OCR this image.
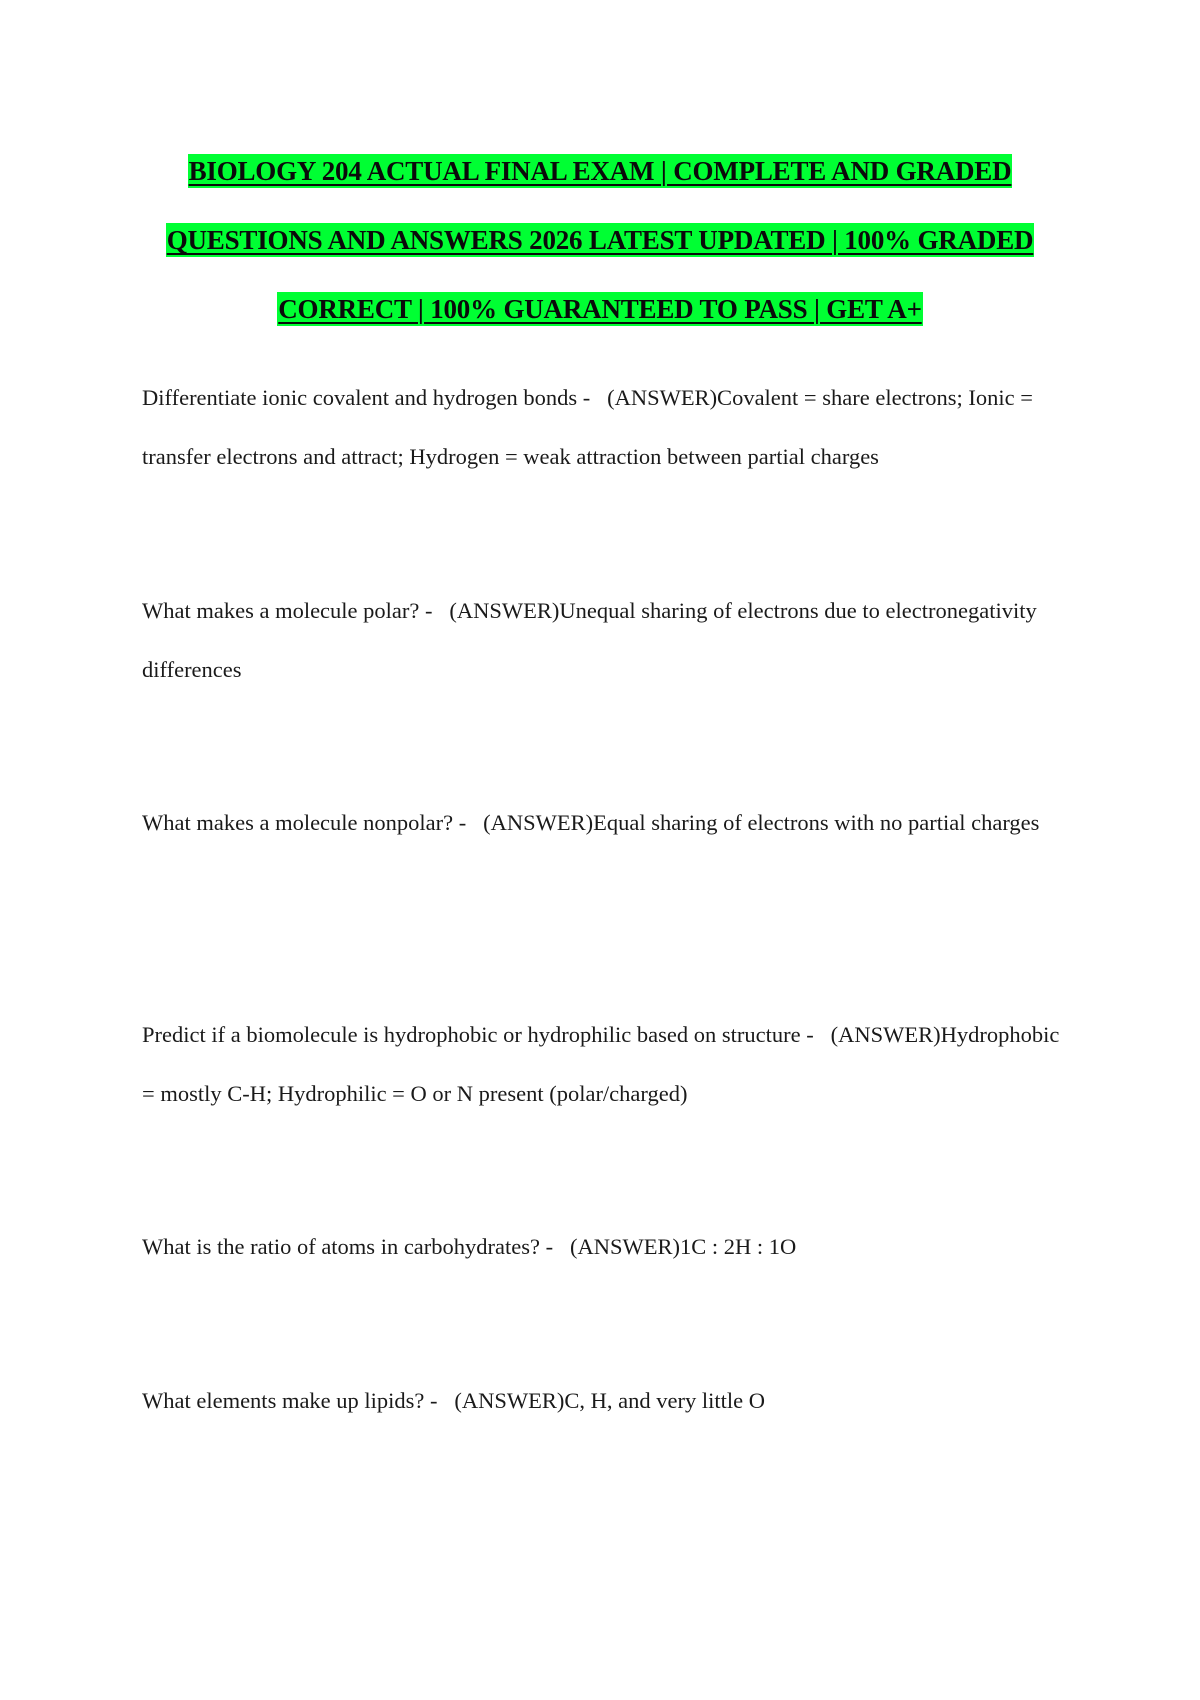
BIOLOGY 204 ACTUAL FINAL EXAM | COMPLETE AND GRADED
QUESTIONS AND ANSWERS 2026 LATEST UPDATED | 100% GRADED
CORRECT | 100% GUARANTEED TO PASS | GET A+
Differentiate ionic covalent and hydrogen bonds -   (ANSWER)Covalent = share electrons; Ionic = transfer electrons and attract; Hydrogen = weak attraction between partial charges
What makes a molecule polar? -   (ANSWER)Unequal sharing of electrons due to electronegativity differences
What makes a molecule nonpolar? -   (ANSWER)Equal sharing of electrons with no partial charges
Predict if a biomolecule is hydrophobic or hydrophilic based on structure -   (ANSWER)Hydrophobic = mostly C-H; Hydrophilic = O or N present (polar/charged)
What is the ratio of atoms in carbohydrates? -   (ANSWER)1C : 2H : 1O
What elements make up lipids? -   (ANSWER)C, H, and very little O
